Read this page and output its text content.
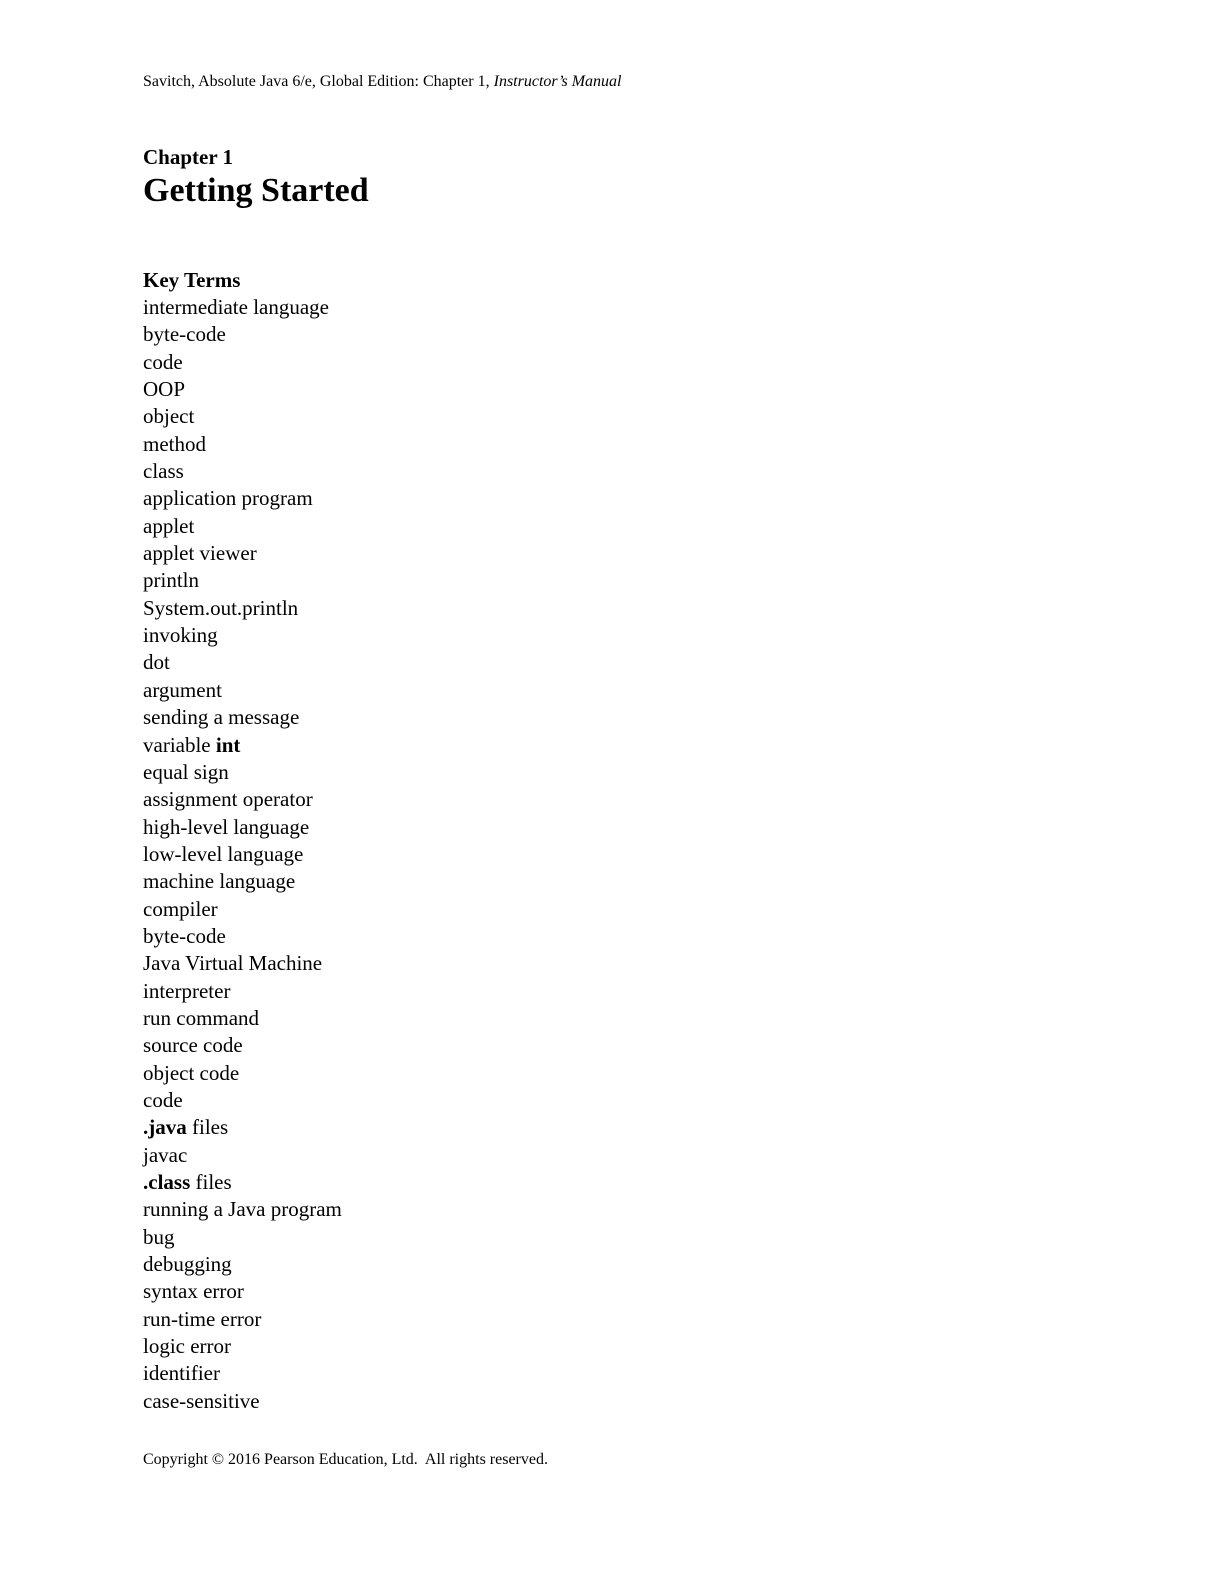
Savitch, Absolute Java 6/e, Global Edition: Chapter 1, Instructor’s Manual
Chapter 1
Getting Started
Key Terms
intermediate language
byte-code
code
OOP
object
method
class
application program
applet
applet viewer
println
System.out.println
invoking
dot
argument
sending a message
variable int
equal sign
assignment operator
high-level language
low-level language
machine language
compiler
byte-code
Java Virtual Machine
interpreter
run command
source code
object code
code
.java files
javac
.class files
running a Java program
bug
debugging
syntax error
run-time error
logic error
identifier
case-sensitive
Copyright © 2016 Pearson Education, Ltd.  All rights reserved.
